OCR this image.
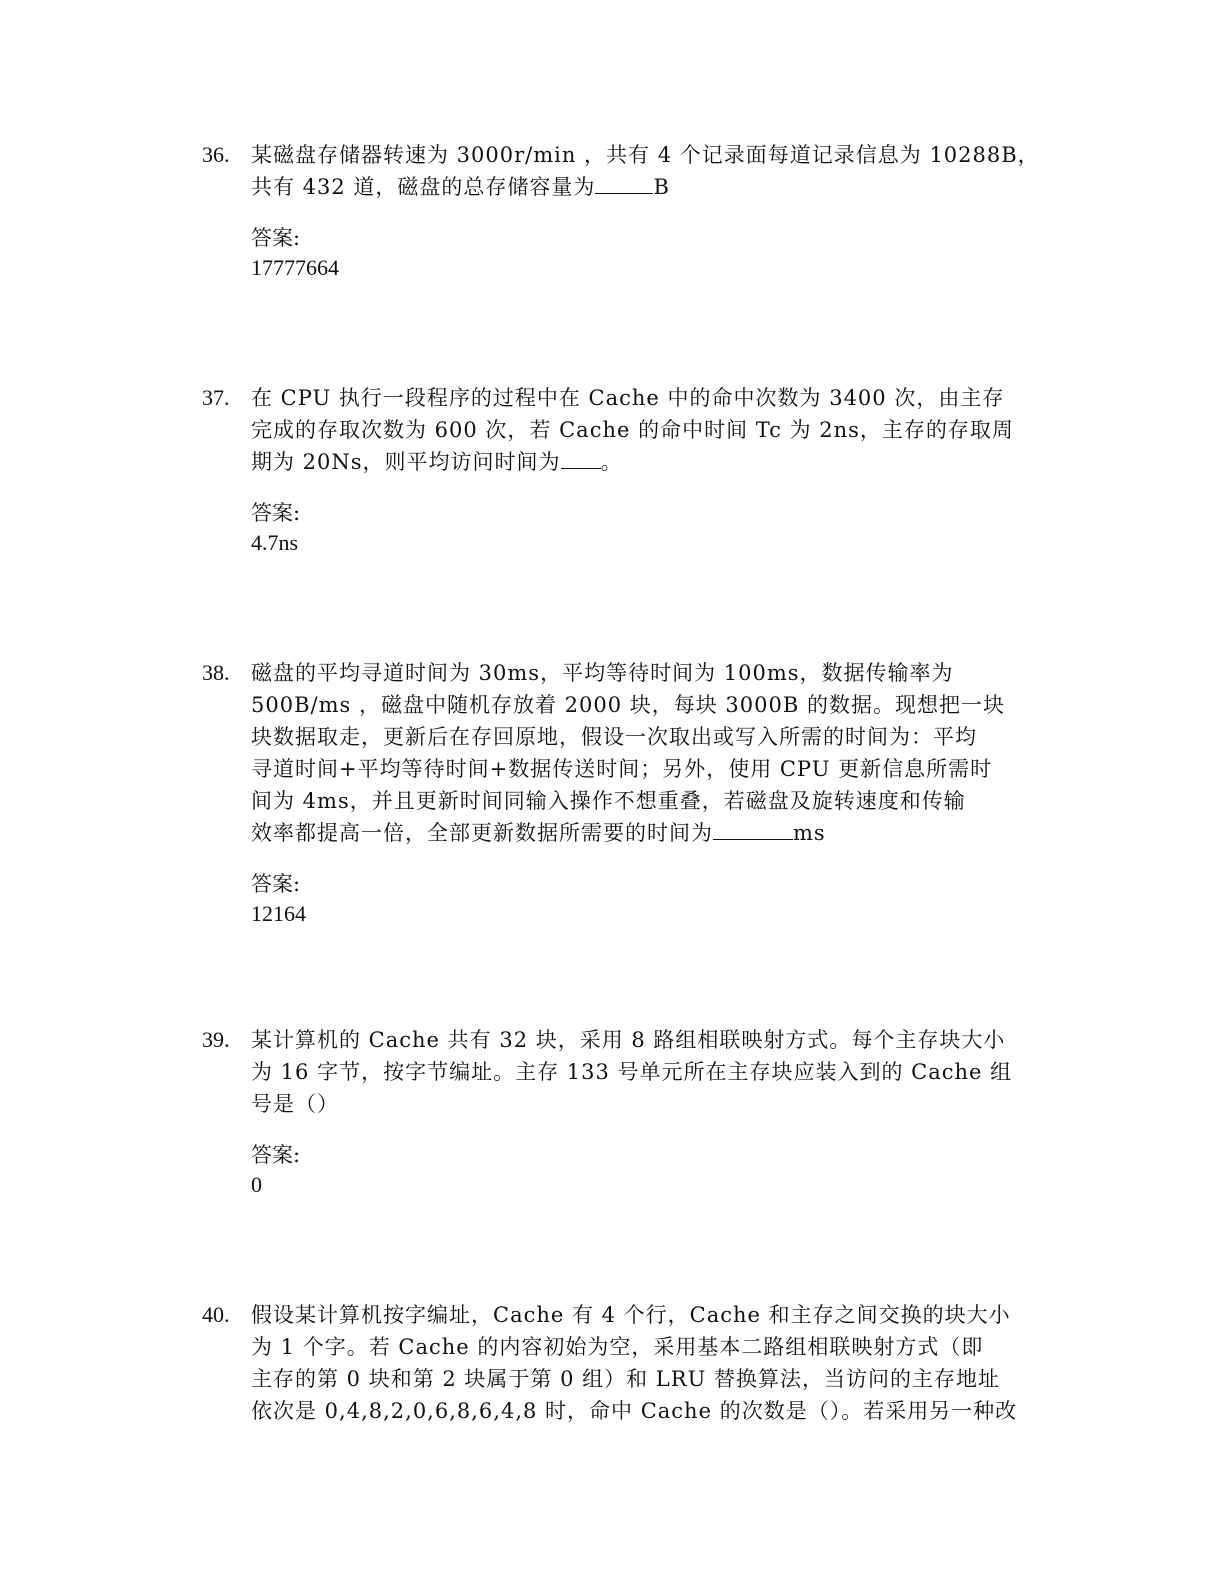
36. 某磁盘存储器转速为 3000r/min ，共有 4 个记录面每道记录信息为 10288B，
共有 432 道，磁盘的总存储容量为	B
答案:
17777664
37. 在 CPU 执行一段程序的过程中在 Cache 中的命中次数为 3400 次，由主存
完成的存取次数为 600 次，若 Cache 的命中时间 Tc 为 2ns，主存的存取周
期为 20Ns，则平均访问时间为 。
答案:
4.7ns
38. 磁盘的平均寻道时间为 30ms，平均等待时间为 100ms，数据传输率为
500B/ms ，磁盘中随机存放着 2000 块，每块 3000B 的数据。现想把一块
块数据取走，更新后在存回原地，假设一次取出或写入所需的时间为：平均
寻道时间+平均等待时间+数据传送时间；另外，使用 CPU 更新信息所需时
间为 4ms，并且更新时间同输入操作不想重叠，若磁盘及旋转速度和传输
效率都提高一倍，全部更新数据所需要的时间为	ms
答案:
12164
39. 某计算机的 Cache 共有 32 块，采用 8 路组相联映射方式。每个主存块大小
为 16 字节，按字节编址。主存 133 号单元所在主存块应装入到的 Cache 组
号是（）
答案:
0
40. 假设某计算机按字编址，Cache 有 4 个行，Cache 和主存之间交换的块大小
为 1 个字。若 Cache 的内容初始为空，采用基本二路组相联映射方式（即
主存的第 0 块和第 2 块属于第 0 组）和 LRU 替换算法，当访问的主存地址
依次是 0,4,8,2,0,6,8,6,4,8 时，命中 Cache 的次数是（）。若采用另一种改
